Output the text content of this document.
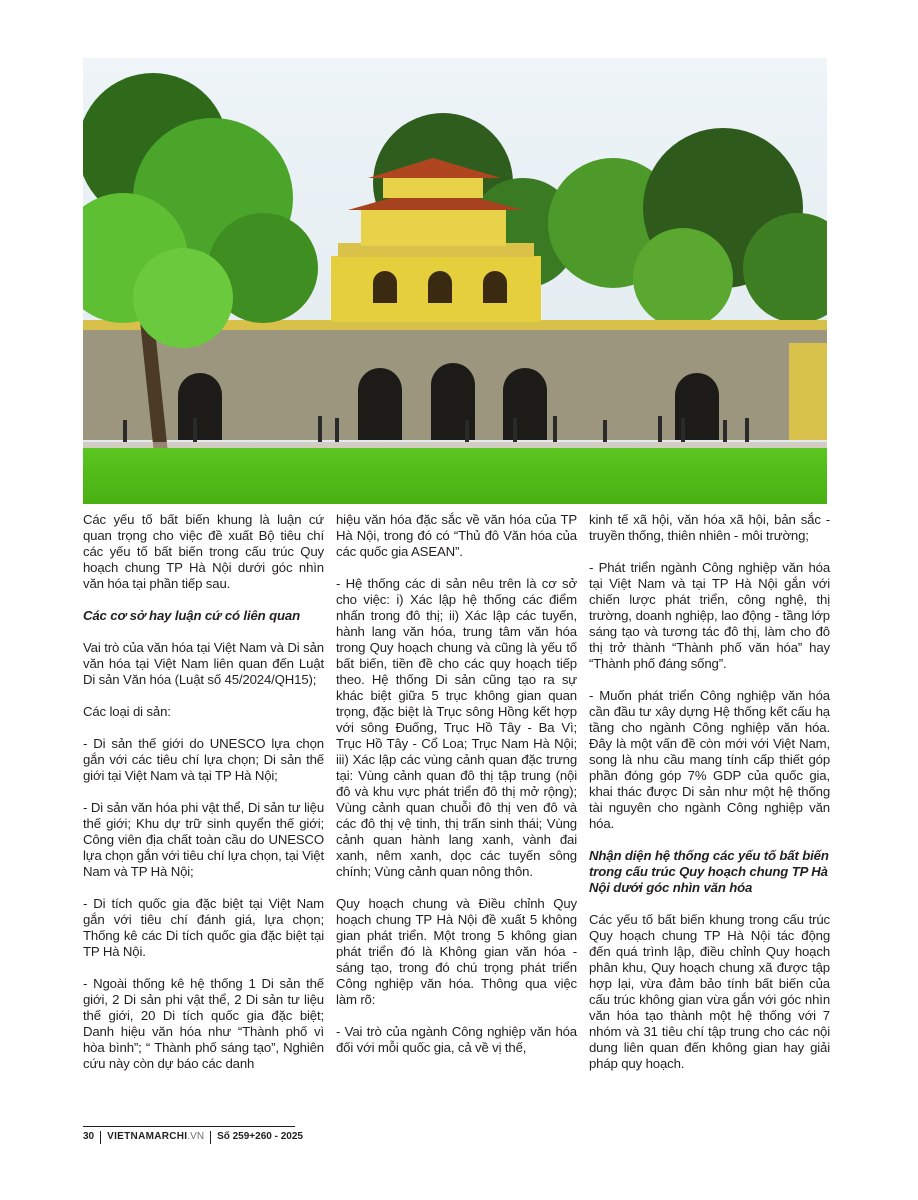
Các yếu tố bất biến khung là luận cứ quan trọng cho việc đề xuất Bộ tiêu chí các yếu tố bất biến trong cấu trúc Quy hoạch chung TP Hà Nội dưới góc nhìn văn hóa tại phần tiếp sau.

Các cơ sở hay luận cứ có liên quan

Vai trò của văn hóa tại Việt Nam và Di sản văn hóa tại Việt Nam liên quan đến Luật Di sản Văn hóa (Luật số 45/2024/QH15);

Các loại di sản:

- Di sản thế giới do UNESCO lựa chọn gắn với các tiêu chí lựa chọn; Di sản thế giới tại Việt Nam và tại TP Hà Nội;

- Di sản văn hóa phi vật thể, Di sản tư liệu thế giới; Khu dự trữ sinh quyển thế giới; Công viên địa chất toàn cầu do UNESCO lựa chọn gắn với tiêu chí lựa chọn, tại Việt Nam và TP Hà Nội;

- Di tích quốc gia đặc biệt tại Việt Nam gắn với tiêu chí đánh giá, lựa chọn; Thống kê các Di tích quốc gia đặc biệt tại TP Hà Nội.

- Ngoài thống kê hệ thống 1 Di sản thế giới, 2 Di sản phi vật thể, 2 Di sản tư liệu thế giới, 20 Di tích quốc gia đặc biệt; Danh hiệu văn hóa như “Thành phố vì hòa bình”; “ Thành phố sáng tạo”, Nghiên cứu này còn dự báo các danh

hiệu văn hóa đặc sắc về văn hóa của TP Hà Nội, trong đó có “Thủ đô Văn hóa của các quốc gia ASEAN”.

- Hệ thống các di sản nêu trên là cơ sở cho việc: i) Xác lập hệ thống các điểm nhấn trong đô thị; ii) Xác lập các tuyến, hành lang văn hóa, trung tâm văn hóa trong Quy hoạch chung và cũng là yếu tố bất biến, tiền đề cho các quy hoạch tiếp theo. Hệ thống Di sản cũng tạo ra sự khác biệt giữa 5 trục không gian quan trọng, đặc biệt là Trục sông Hồng kết hợp với sông Đuống, Trục Hồ Tây - Ba Vì; Trục Hồ Tây - Cổ Loa; Trục Nam Hà Nội; iii) Xác lập các vùng cảnh quan đặc trưng tại: Vùng cảnh quan đô thị tập trung (nội đô và khu vực phát triển đô thị mở rộng); Vùng cảnh quan chuỗi đô thị ven đô và các đô thị vệ tinh, thị trấn sinh thái; Vùng cảnh quan hành lang xanh, vành đai xanh, nêm xanh, dọc các tuyến sông chính; Vùng cảnh quan nông thôn.

Quy hoạch chung và Điều chỉnh Quy hoạch chung TP Hà Nội đề xuất 5 không gian phát triển. Một trong 5 không gian phát triển đó là Không gian văn hóa - sáng tạo, trong đó chú trọng phát triển Công nghiệp văn hóa. Thông qua việc làm rõ:

- Vai trò của ngành Công nghiệp văn hóa đối với mỗi quốc gia, cả về vị thế,

kinh tế xã hội, văn hóa xã hội, bản sắc - truyền thống, thiên nhiên - môi trường;

- Phát triển ngành Công nghiệp văn hóa tại Việt Nam và tại TP Hà Nội gắn với chiến lược phát triển, công nghệ, thị trường, doanh nghiệp, lao động - tầng lớp sáng tạo và tương tác đô thị, làm cho đô thị trở thành “Thành phố văn hóa” hay “Thành phố đáng sống”.

- Muốn phát triển Công nghiệp văn hóa cần đầu tư xây dựng Hệ thống kết cấu hạ tầng cho ngành Công nghiệp văn hóa. Đây là một vấn đề còn mới với Việt Nam, song là nhu cầu mang tính cấp thiết góp phần đóng góp 7% GDP của quốc gia, khai thác được Di sản như một hệ thống tài nguyên cho ngành Công nghiệp văn hóa.

Nhận diện hệ thống các yếu tố bất biến trong cấu trúc Quy hoạch chung TP Hà Nội dưới góc nhìn văn hóa

Các yếu tố bất biến khung trong cấu trúc Quy hoạch chung TP Hà Nội tác động đến quá trình lập, điều chỉnh Quy hoạch phân khu, Quy hoạch chung xã được tập hợp lại, vừa đảm bảo tính bất biến của cấu trúc không gian vừa gắn với góc nhìn văn hóa tạo thành một hệ thống với 7 nhóm và 31 tiêu chí tập trung cho các nội dung liên quan đến không gian hay giải pháp quy hoạch.

30 VIETNAMARCHI .VN Số 259+260 - 2025
